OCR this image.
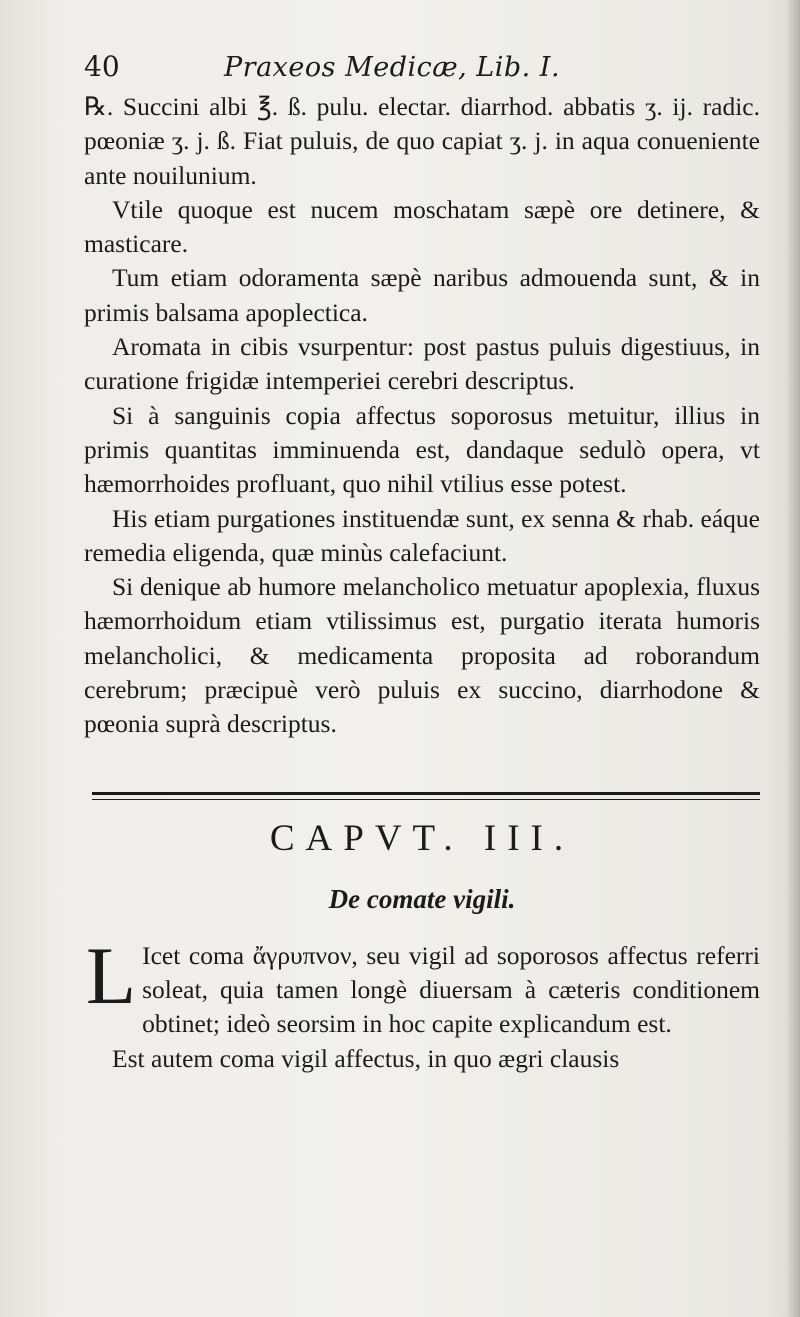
40	Praxeos Medicæ, Lib. I.

℞. Succini albi ℥. ß. pulu. electar. diarrhod. abbatis ʒ. ij. radic. pœoniæ ʒ. j. ß. Fiat puluis, de quo capiat ʒ. j. in aqua conueniente ante nouilunium.

Vtile quoque est nucem moschatam sæpè ore detinere, & masticare.

Tum etiam odoramenta sæpè naribus admouenda sunt, & in primis balsama apoplectica.

Aromata in cibis vsurpentur: post pastus puluis digestiuus, in curatione frigidæ intemperiei cerebri descriptus.

Si à sanguinis copia affectus soporosus metuitur, illius in primis quantitas imminuenda est, dandaque sedulò opera, vt hæmorrhoides profluant, quo nihil vtilius esse potest.

His etiam purgationes instituendæ sunt, ex senna & rhab. eáque remedia eligenda, quæ minùs calefaciunt.

Si denique ab humore melancholico metuatur apoplexia, fluxus hæmorrhoidum etiam vtilissimus est, purgatio iterata humoris melancholici, & medicamenta proposita ad roborandum cerebrum; præcipuè verò puluis ex succino, diarrhodone & pœonia suprà descriptus.

CAPVT. III.
De comate vigili.

L Icet coma ἄγρυπνον, seu vigil ad soporosos affectus referri soleat, quia tamen longè diuersam à cæteris conditionem obtinet; ideò seorsim in hoc capite explicandum est.

Est autem coma vigil affectus, in quo ægri clausis
